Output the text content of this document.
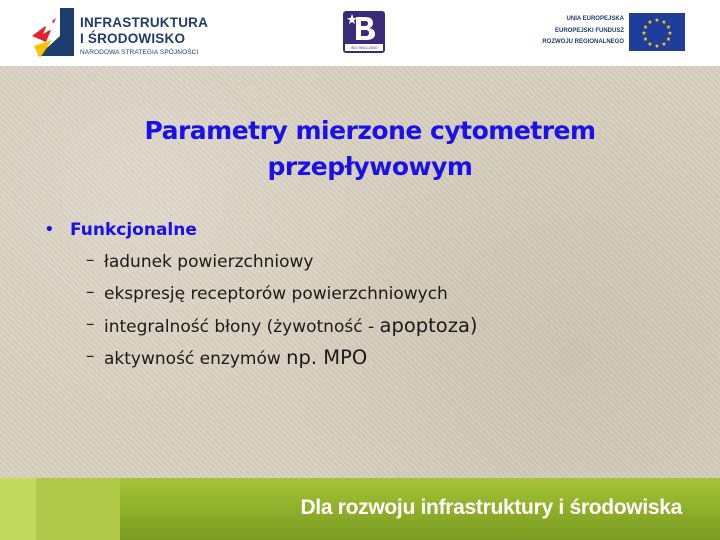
INFRASTRUKTURA
I ŚRODOWISKO
NARODOWA STRATEGIA SPÓJNOŚCI
ISO 9001:2000
UNIA EUROPEJSKA
EUROPEJSKI FUNDUSZ
ROZWOJU REGIONALNEGO
★ ★
★
★
★
★
★
★
★
★
★
★
Parametry mierzone cytometrem
przepływowym
• Funkcjonalne
– ładunek powierzchniowy
– ekspresję receptorów powierzchniowych
– integralność błony (żywotność - apoptoza)
– aktywność enzymów np. MPO
Dla rozwoju infrastruktury i środowiska
